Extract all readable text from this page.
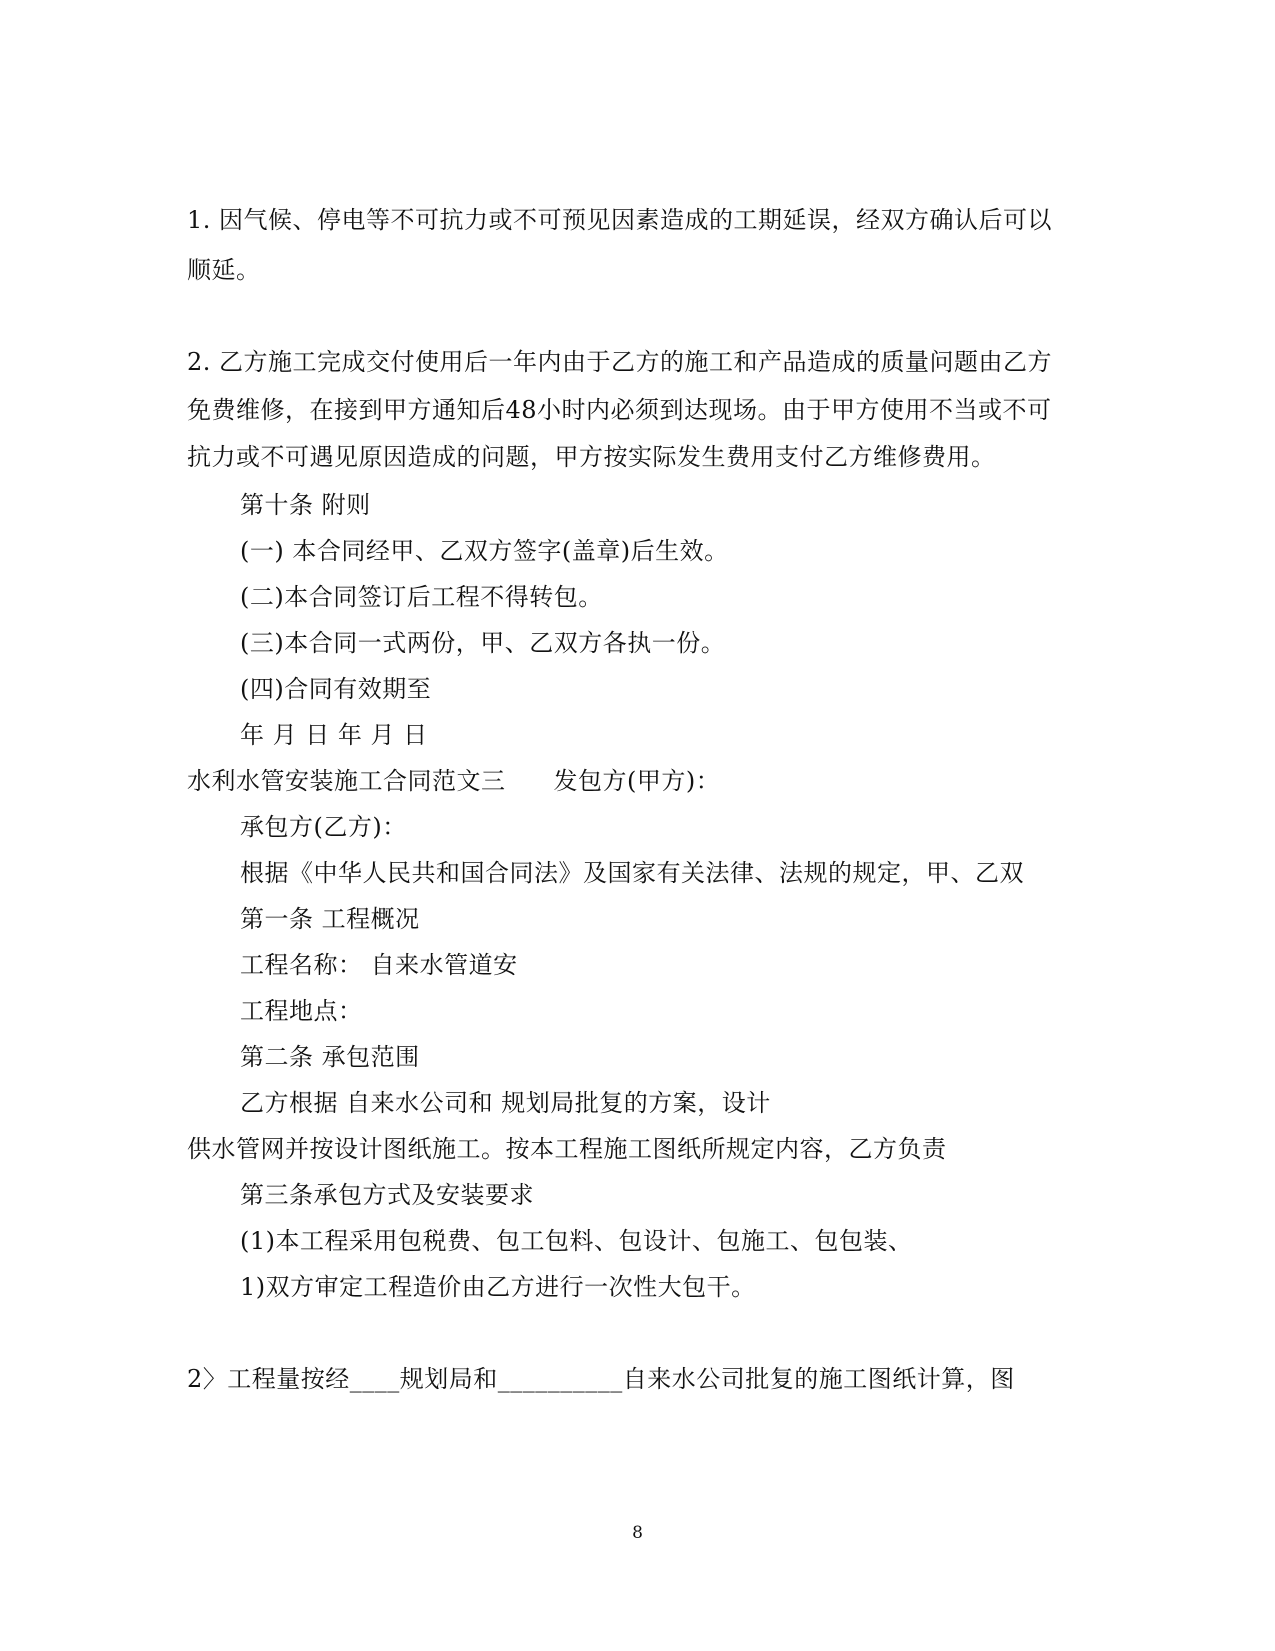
1. 因气候、停电等不可抗力或不可预见因素造成的工期延误，经双方确认后可以
顺延。
2. 乙方施工完成交付使用后一年内由于乙方的施工和产品造成的质量问题由乙方
免费维修，在接到甲方通知后48小时内必须到达现场。由于甲方使用不当或不可
抗力或不可遇见原因造成的问题，甲方按实际发生费用支付乙方维修费用。
第十条 附则
(一) 本合同经甲、乙双方签字(盖章)后生效。
(二)本合同签订后工程不得转包。
(三)本合同一式两份，甲、乙双方各执一份。
(四)合同有效期至
年 月 日 年 月 日
水利水管安装施工合同范文三 发包方(甲方)：
承包方(乙方)：
根据《中华人民共和国合同法》及国家有关法律、法规的规定，甲、乙双
第一条 工程概况
工程名称： 自来水管道安
工程地点：
第二条 承包范围
乙方根据 自来水公司和 规划局批复的方案，设计
供水管网并按设计图纸施工。按本工程施工图纸所规定内容，乙方负责
第三条承包方式及安装要求
(1)本工程采用包税费、包工包料、包设计、包施工、包包装、
1)双方审定工程造价由乙方进行一次性大包干。
2〉工程量按经____规划局和__________自来水公司批复的施工图纸计算，图
8
